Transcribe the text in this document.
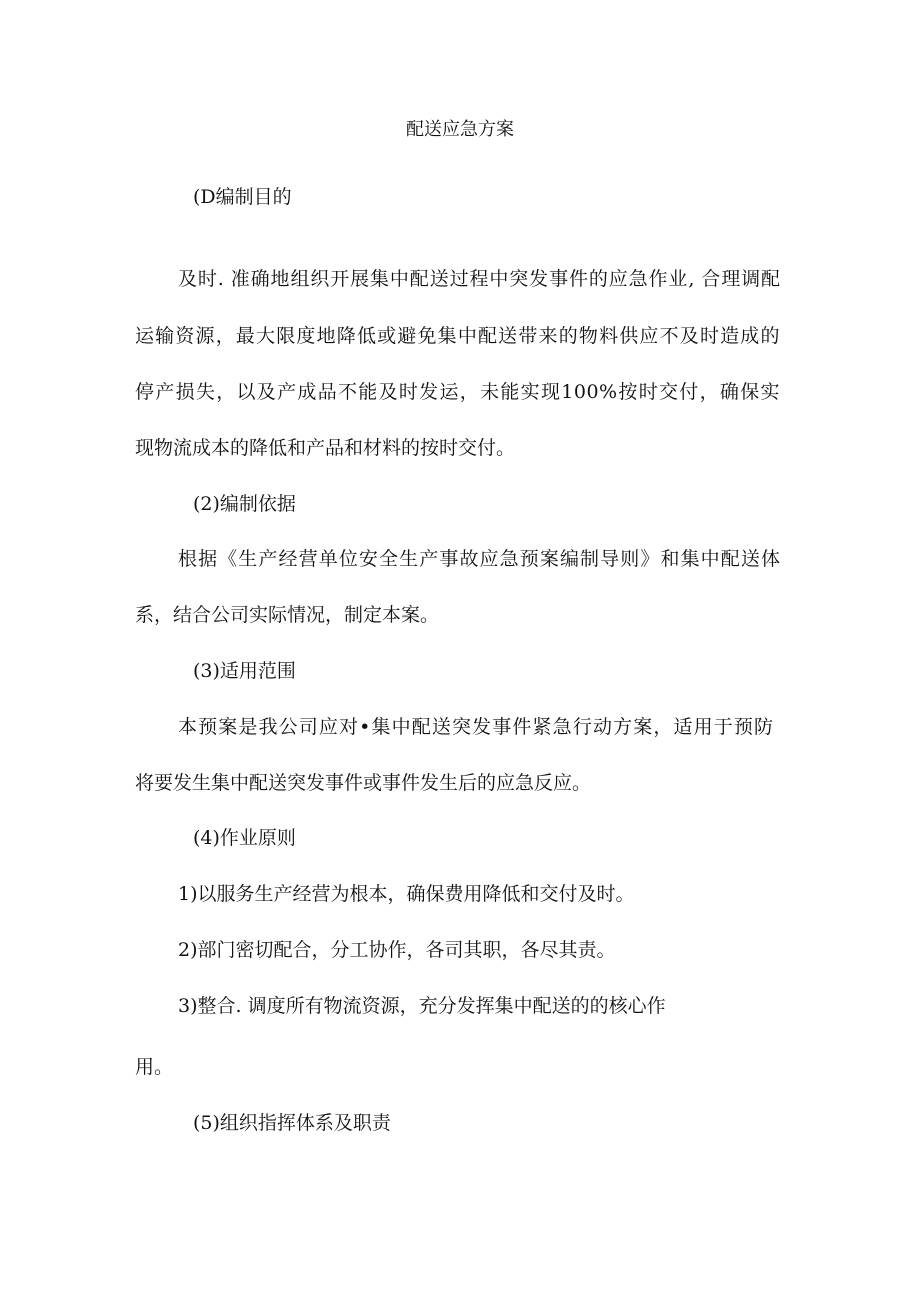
配送应急方案
(D编制目的
及时. 准确地组织开展集中配送过程中突发事件的应急作业, 合理调配
运输资源，最大限度地降低或避免集中配送带来的物料供应不及时造成的
停产损失，以及产成品不能及时发运，未能实现100%按时交付，确保实
现物流成本的降低和产品和材料的按时交付。
(2)编制依据
根据《生产经营单位安全生产事故应急预案编制导则》和集中配送体
系，结合公司实际情况，制定本案。
(3)适用范围
本预案是我公司应对•集中配送突发事件紧急行动方案，适用于预防
将要发生集中配送突发事件或事件发生后的应急反应。
(4)作业原则
1)以服务生产经营为根本，确保费用降低和交付及时。
2)部门密切配合，分工协作，各司其职，各尽其责。
3)整合. 调度所有物流资源，充分发挥集中配送的的核心作
用。
(5)组织指挥体系及职责
